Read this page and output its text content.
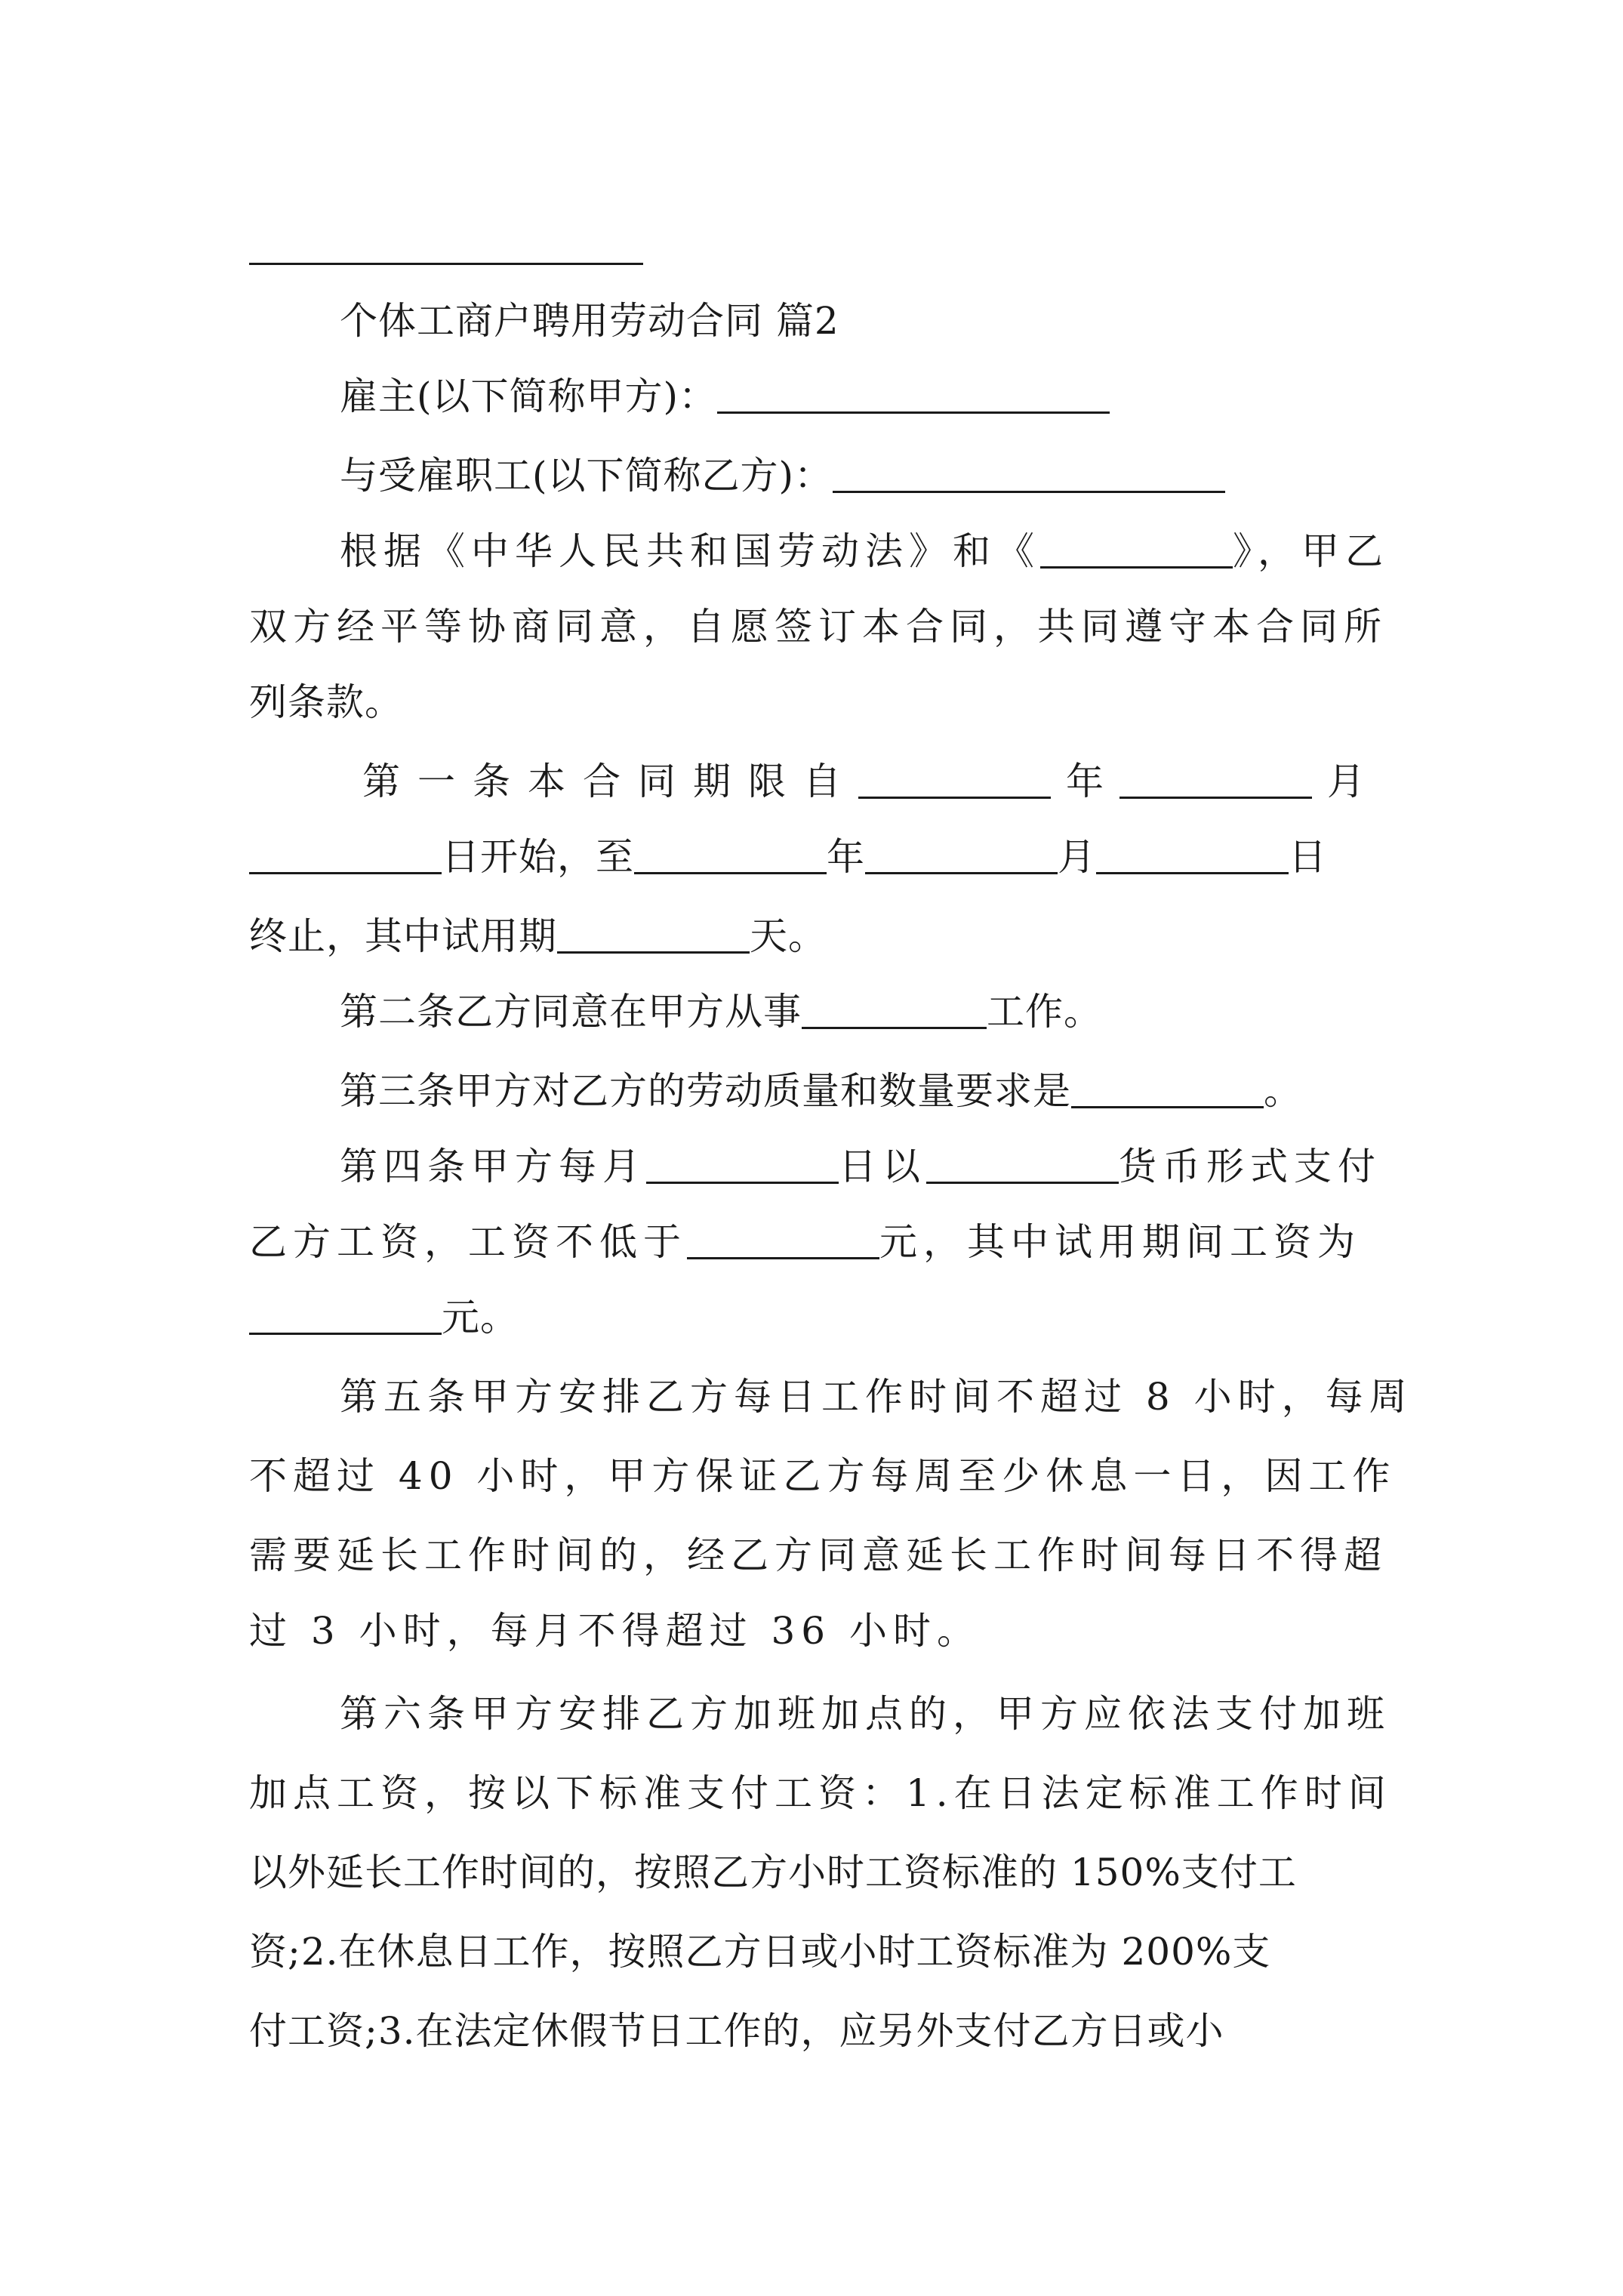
个体工商户聘用劳动合同 篇2
雇主(以下简称甲方)：
与受雇职工(以下简称乙方)：
根据《中华人民共和国劳动法》和《	》，甲乙
双方经平等协商同意，自愿签订本合同，共同遵守本合同所
列条款。
第一条本合同期限自	年	月
日开始，至	年	月	日
终止，其中试用期	天。
第二条乙方同意在甲方从事	工作。
第三条甲方对乙方的劳动质量和数量要求是	。
第四条甲方每月	日以	货币形式支付
乙方工资，工资不低于	元，其中试用期间工资为
元。
第五条甲方安排乙方每日工作时间不超过 8 小时，每周
不超过 40 小时，甲方保证乙方每周至少休息一日，因工作
需要延长工作时间的，经乙方同意延长工作时间每日不得超
过 3 小时，每月不得超过 36 小时。
第六条甲方安排乙方加班加点的，甲方应依法支付加班
加点工资，按以下标准支付工资：1.在日法定标准工作时间
以外延长工作时间的，按照乙方小时工资标准的 150%支付工
资;2.在休息日工作，按照乙方日或小时工资标准为 200%支
付工资;3.在法定休假节日工作的，应另外支付乙方日或小
